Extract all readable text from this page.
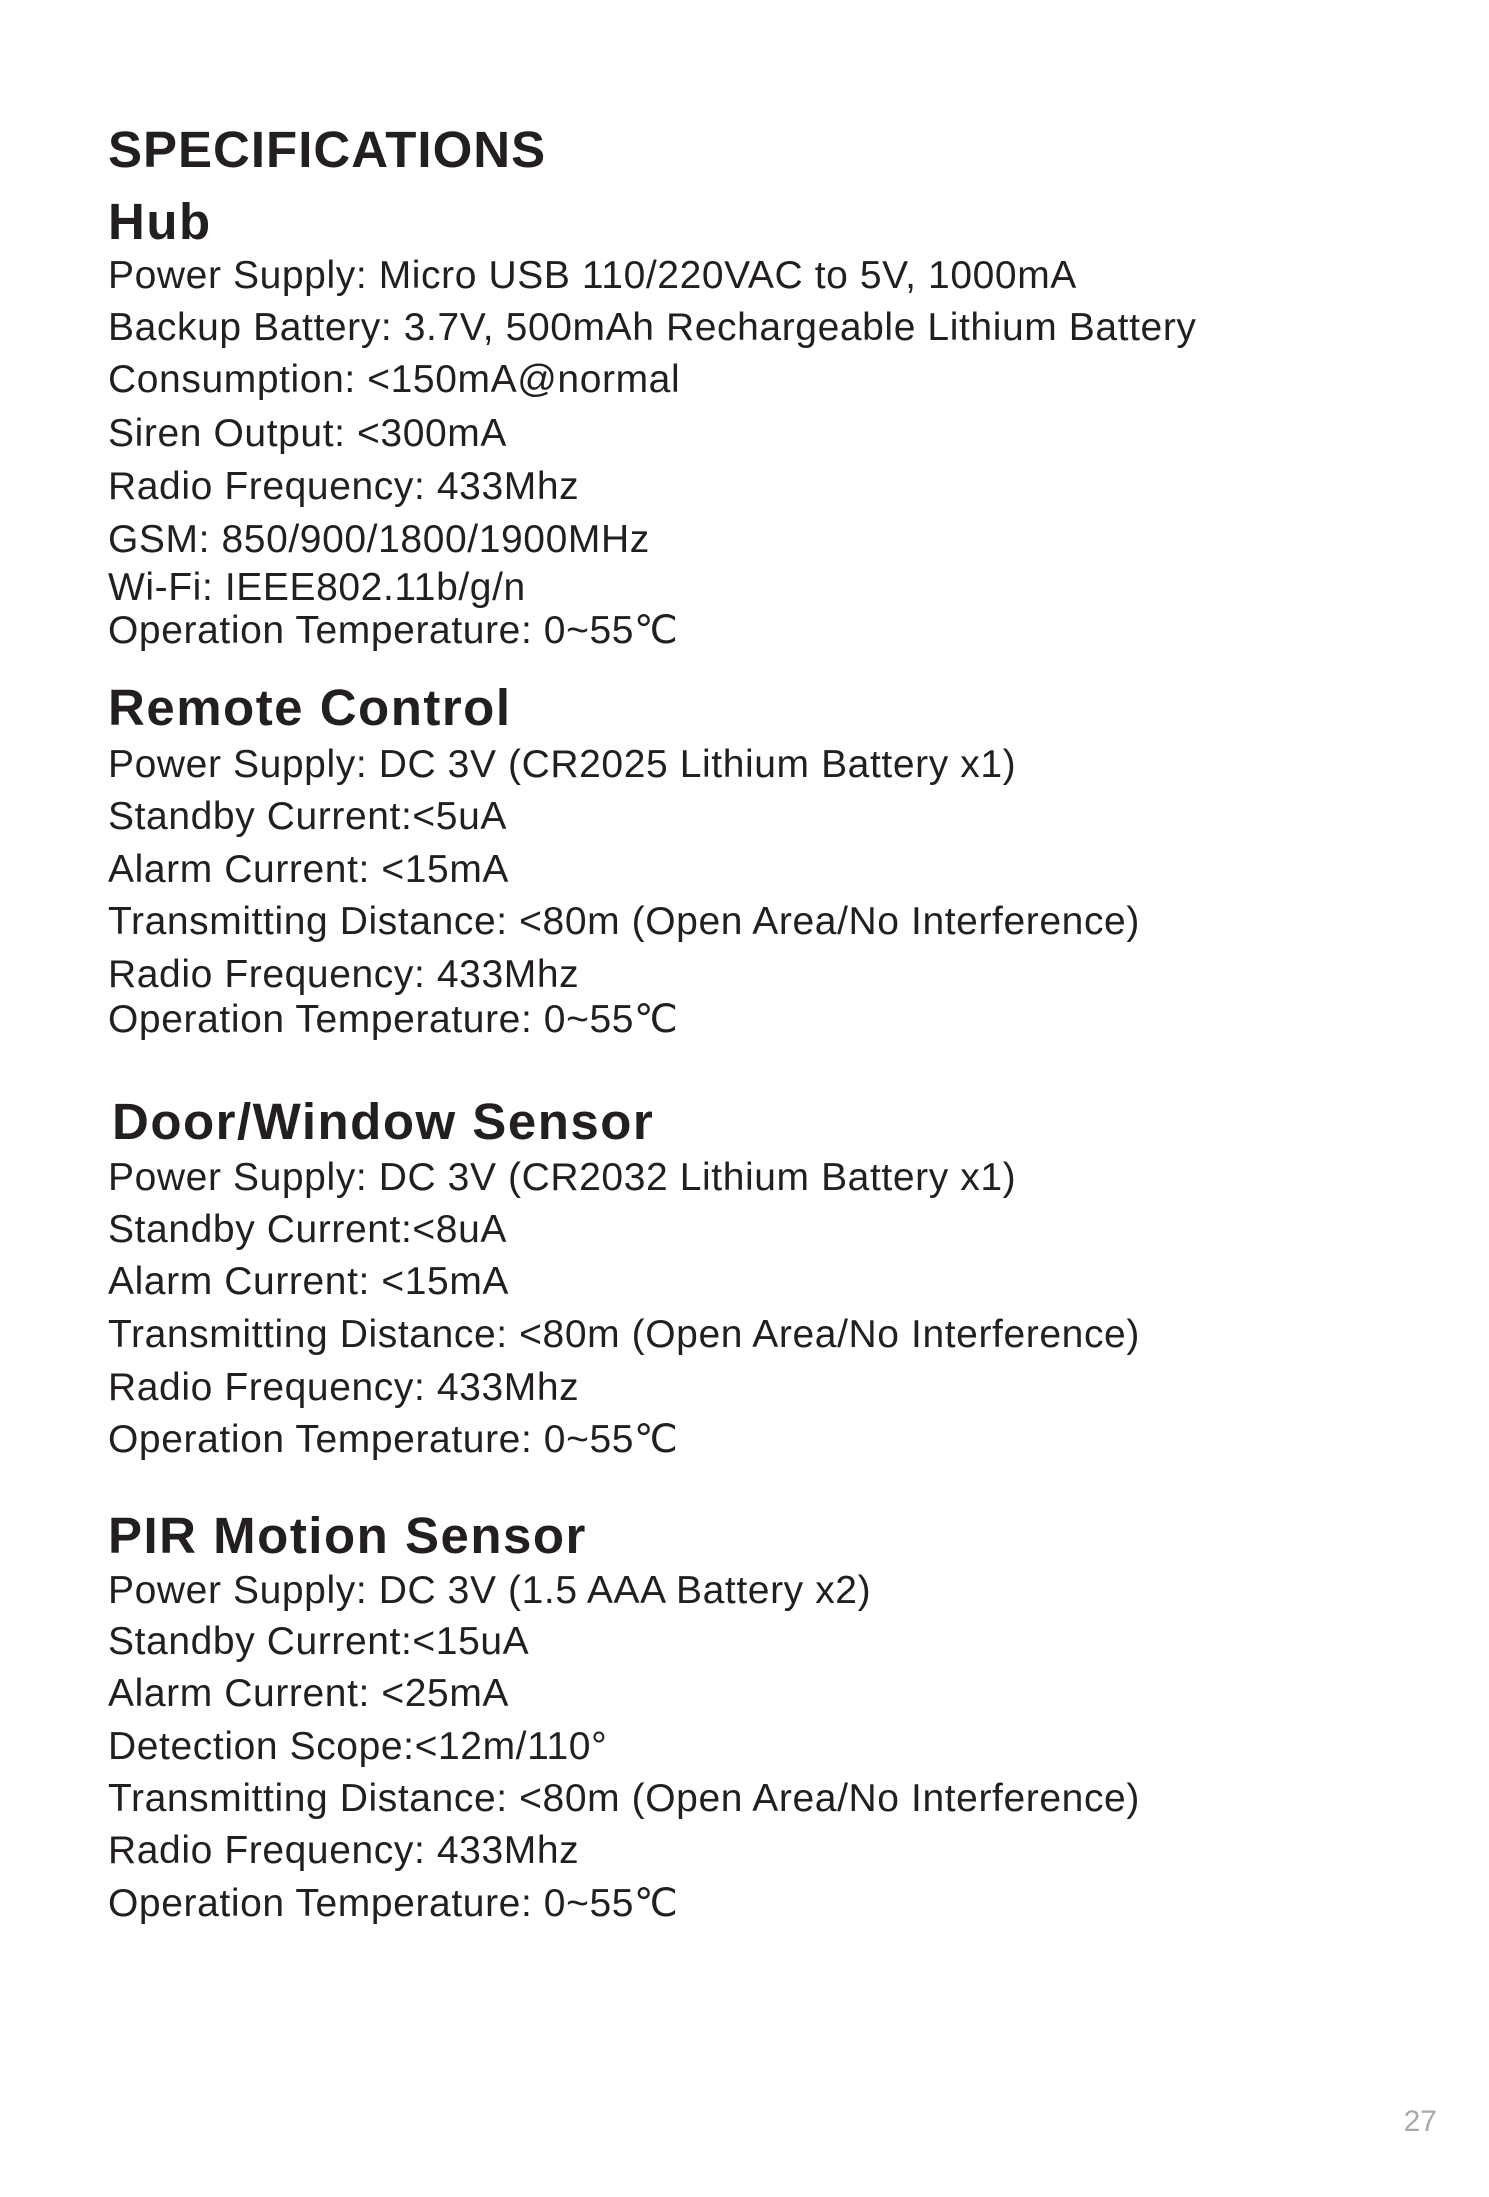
SPECIFICATIONS
Hub

Power Supply: Micro USB 110/220VAC to 5V, 1000mA

Backup Battery: 3.7V, 500mAh Rechargeable Lithium Battery

Consumption: <150mA@normal

Siren Output: <300mA

Radio Frequency: 433Mhz

GSM: 850/900/1800/1900MHz

Wi-Fi: IEEE802.11b/g/n

Operation Temperature: 0~55℃

Remote Control

Power Supply: DC 3V (CR2025 Lithium Battery x1)

Standby Current:<5uA

Alarm Current: <15mA

Transmitting Distance: <80m (Open Area/No Interference)

Radio Frequency: 433Mhz

Operation Temperature: 0~55℃

Door/Window Sensor

Power Supply: DC 3V (CR2032 Lithium Battery x1)

Standby Current:<8uA

Alarm Current: <15mA

Transmitting Distance: <80m (Open Area/No Interference)

Radio Frequency: 433Mhz

Operation Temperature: 0~55℃

PIR Motion Sensor

Power Supply: DC 3V (1.5 AAA Battery x2)

Standby Current:<15uA

Alarm Current: <25mA

Detection Scope:<12m/110°

Transmitting Distance: <80m (Open Area/No Interference)

Radio Frequency: 433Mhz

Operation Temperature: 0~55℃

27
